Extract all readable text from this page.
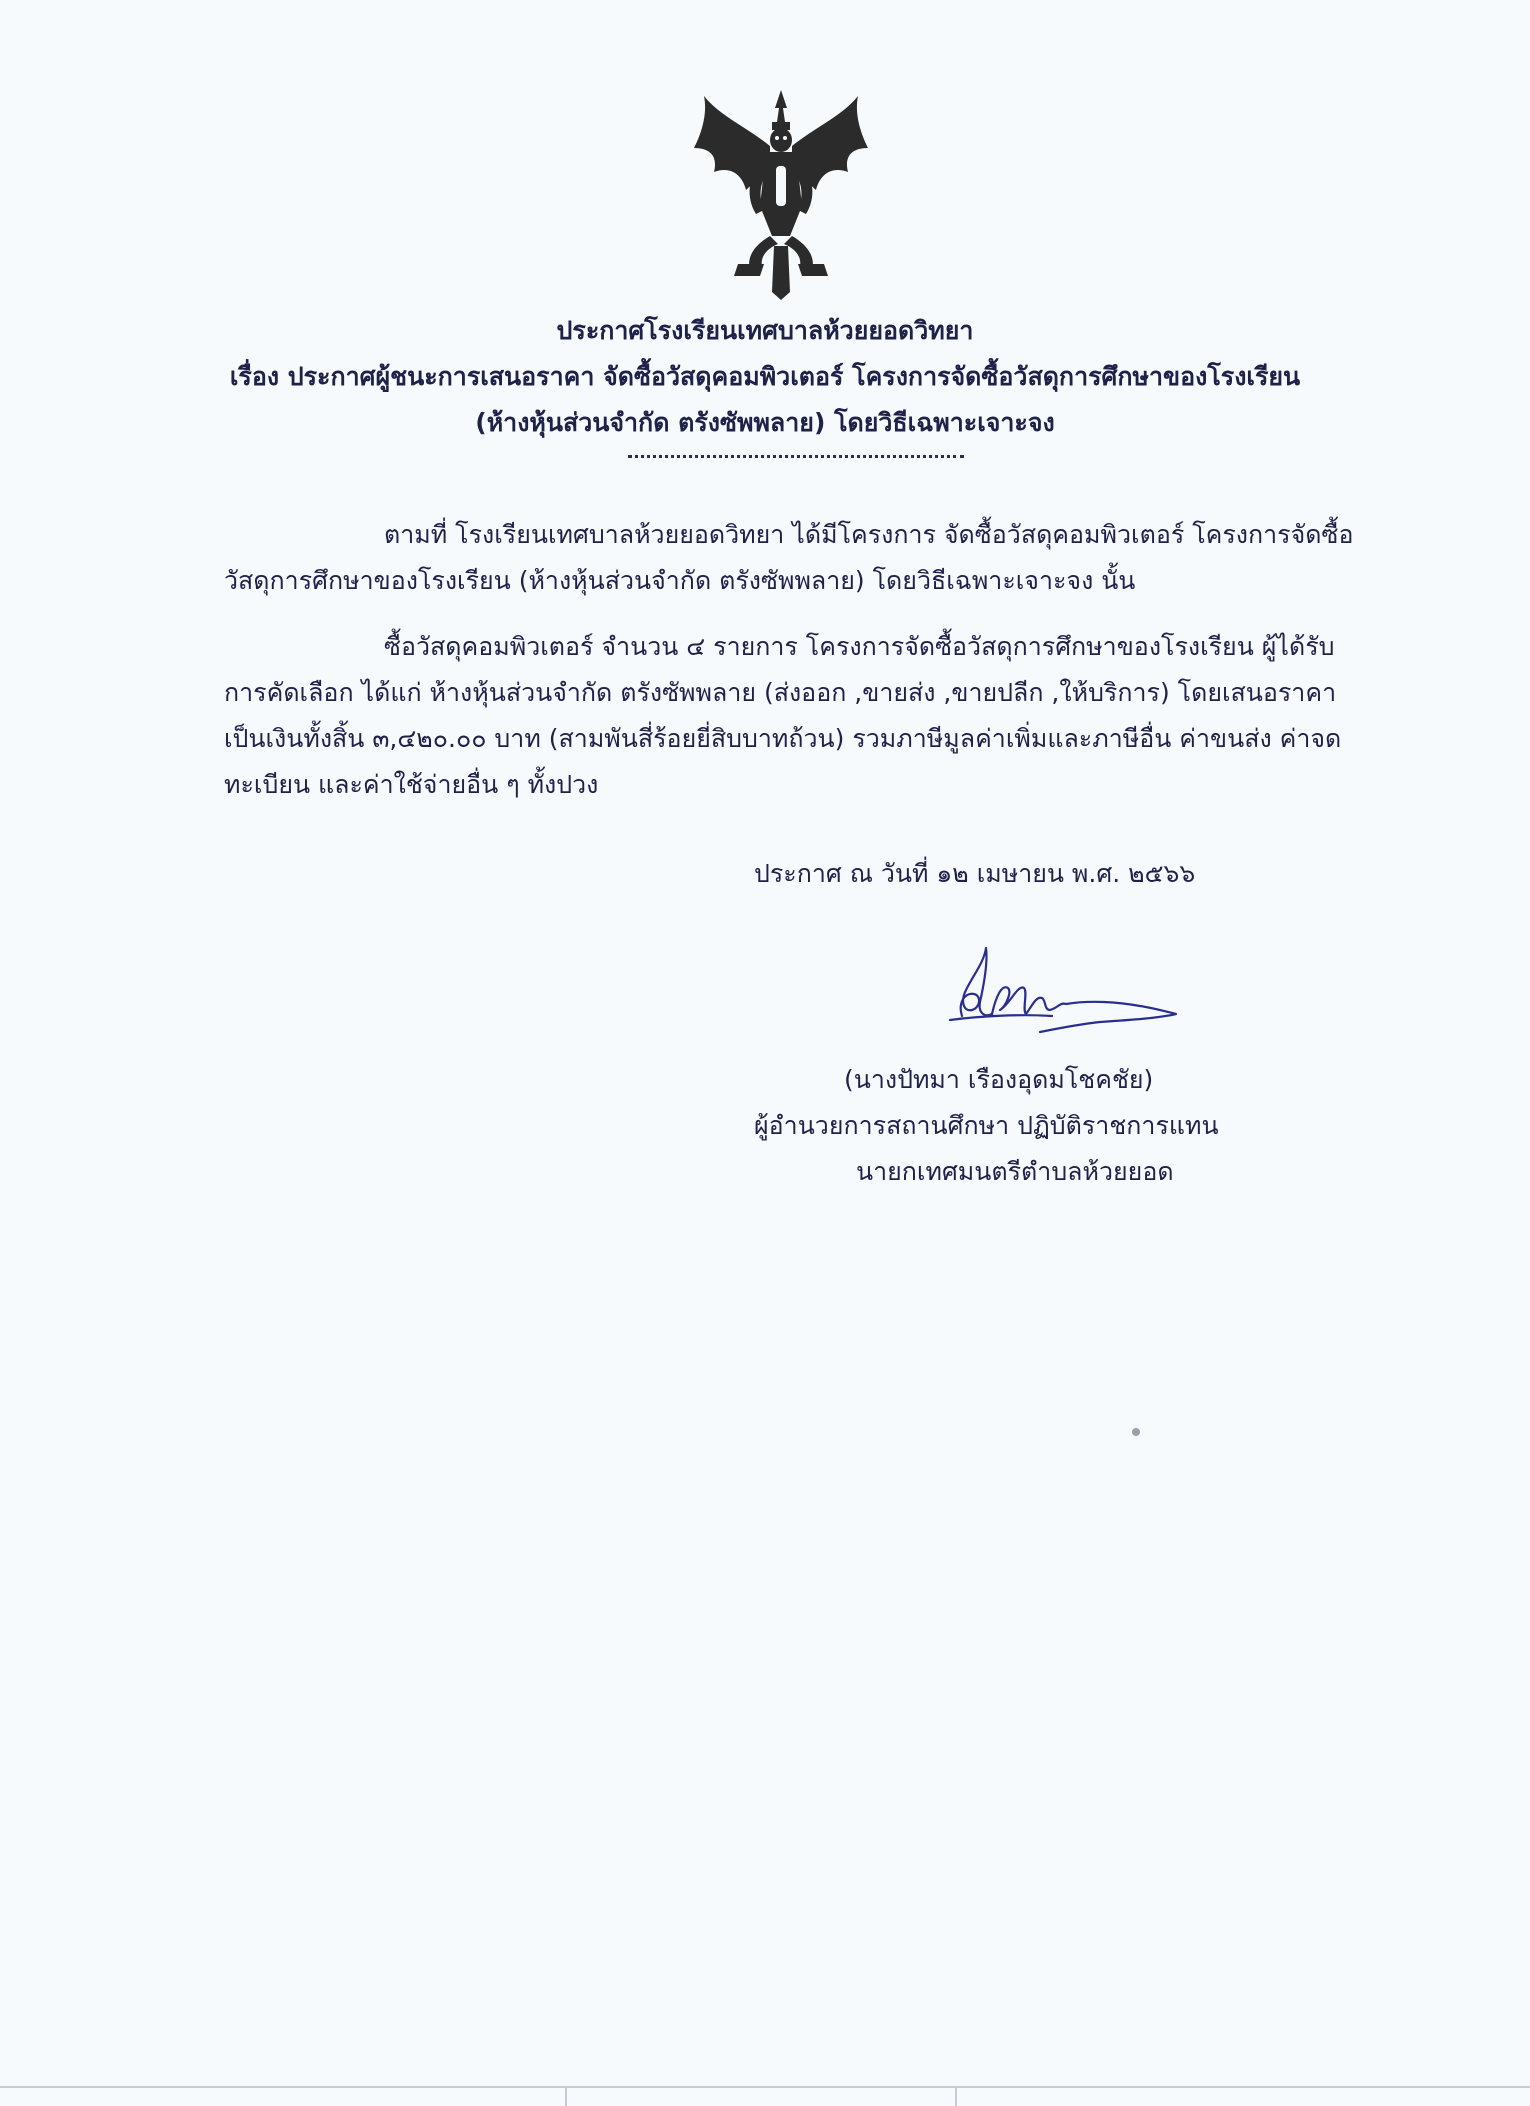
ประกาศโรงเรียนเทศบาลห้วยยอดวิทยา

เรื่อง ประกาศผู้ชนะการเสนอราคา จัดซื้อวัสดุคอมพิวเตอร์ โครงการจัดซื้อวัสดุการศึกษาของโรงเรียน

(ห้างหุ้นส่วนจำกัด ตรังซัพพลาย) โดยวิธีเฉพาะเจาะจง

ตามที่ โรงเรียนเทศบาลห้วยยอดวิทยา ได้มีโครงการ จัดซื้อวัสดุคอมพิวเตอร์ โครงการจัดซื้อวัสดุการศึกษาของโรงเรียน (ห้างหุ้นส่วนจำกัด ตรังซัพพลาย) โดยวิธีเฉพาะเจาะจง นั้น

ซื้อวัสดุคอมพิวเตอร์ จำนวน ๔ รายการ โครงการจัดซื้อวัสดุการศึกษาของโรงเรียน ผู้ได้รับการคัดเลือก ได้แก่ ห้างหุ้นส่วนจำกัด ตรังซัพพลาย (ส่งออก ,ขายส่ง ,ขายปลีก ,ให้บริการ) โดยเสนอราคาเป็นเงินทั้งสิ้น ๓,๔๒๐.๐๐ บาท (สามพันสี่ร้อยยี่สิบบาทถ้วน) รวมภาษีมูลค่าเพิ่มและภาษีอื่น ค่าขนส่ง ค่าจดทะเบียน และค่าใช้จ่ายอื่น ๆ ทั้งปวง

ประกาศ ณ วันที่ ๑๒ เมษายน พ.ศ. ๒๕๖๖

(นางปัทมา เรืองอุดมโชคชัย)

ผู้อำนวยการสถานศึกษา ปฏิบัติราชการแทน

นายกเทศมนตรีตำบลห้วยยอด
